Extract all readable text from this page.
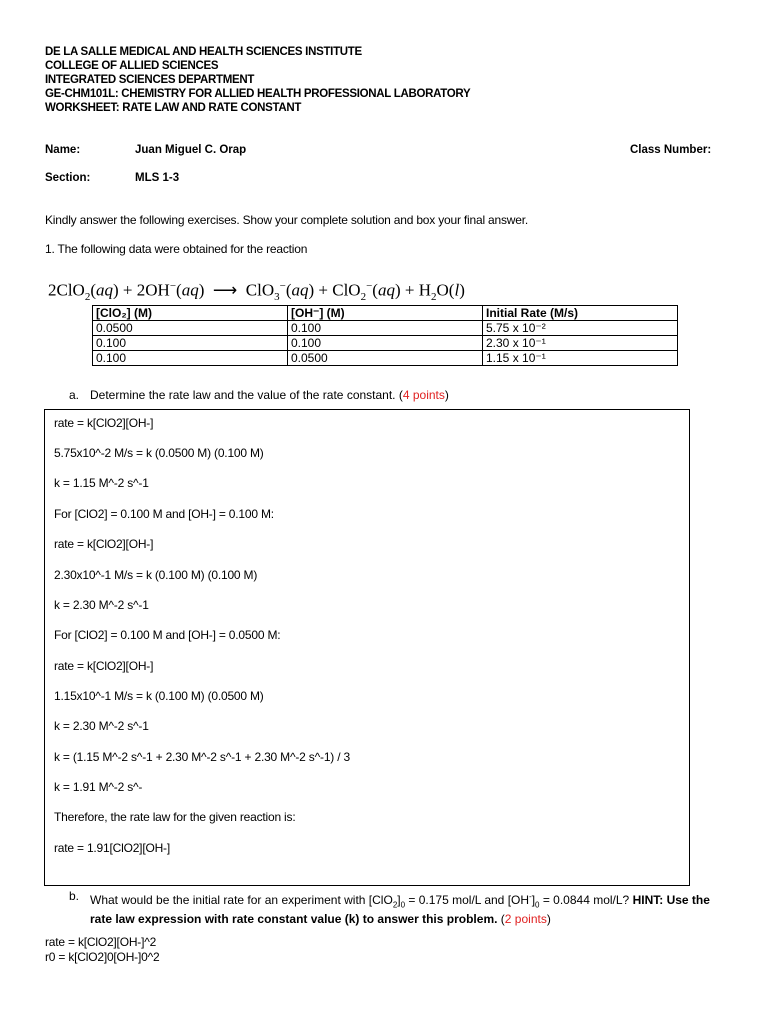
DE LA SALLE MEDICAL AND HEALTH SCIENCES INSTITUTE
COLLEGE OF ALLIED SCIENCES
INTEGRATED SCIENCES DEPARTMENT
GE-CHM101L: CHEMISTRY FOR ALLIED HEALTH PROFESSIONAL LABORATORY
WORKSHEET: RATE LAW AND RATE CONSTANT
Name:	Juan Miguel C. Orap	Class Number:
Section:	MLS 1-3
Kindly answer the following exercises. Show your complete solution and box your final answer.
1. The following data were obtained for the reaction
2ClO$_2$(aq) + 2OH−(aq)  ⟶  $ClO_3^-(aq) + ClO_2^-(aq) + H_2O(l)$
[ClO₂] (M)	[OH⁻] (M)	Initial Rate (M/s)
0.0500	0.100	5.75 x 10⁻²
0.100	0.100	2.30 x 10⁻¹
0.100	0.0500	1.15 x 10⁻¹
a. Determine the rate law and the value of the rate constant. (4 points)
rate = k[ClO2][OH-]
5.75x10^-2 M/s = k (0.0500 M) (0.100 M)
k = 1.15 M^-2 s^-1
For [ClO2] = 0.100 M and [OH-] = 0.100 M:
rate = k[ClO2][OH-]
2.30x10^-1 M/s = k (0.100 M) (0.100 M)
k = 2.30 M^-2 s^-1
For [ClO2] = 0.100 M and [OH-] = 0.0500 M:
rate = k[ClO2][OH-]
1.15x10^-1 M/s = k (0.100 M) (0.0500 M)
k = 2.30 M^-2 s^-1
k = (1.15 M^-2 s^-1 + 2.30 M^-2 s^-1 + 2.30 M^-2 s^-1) / 3
k = 1.91 M^-2 s^-
Therefore, the rate law for the given reaction is:
rate = 1.91[ClO2][OH-]
b. What would be the initial rate for an experiment with $[ClO_2]_0 = 0.175$ mol/L and $[OH^-]_0 = 0.0844$ mol/L? HINT: Use the rate law expression with rate constant value (k) to answer this problem. (2 points)
rate = k[ClO2][OH-]^2
r0 = k[ClO2]0[OH-]0^2
